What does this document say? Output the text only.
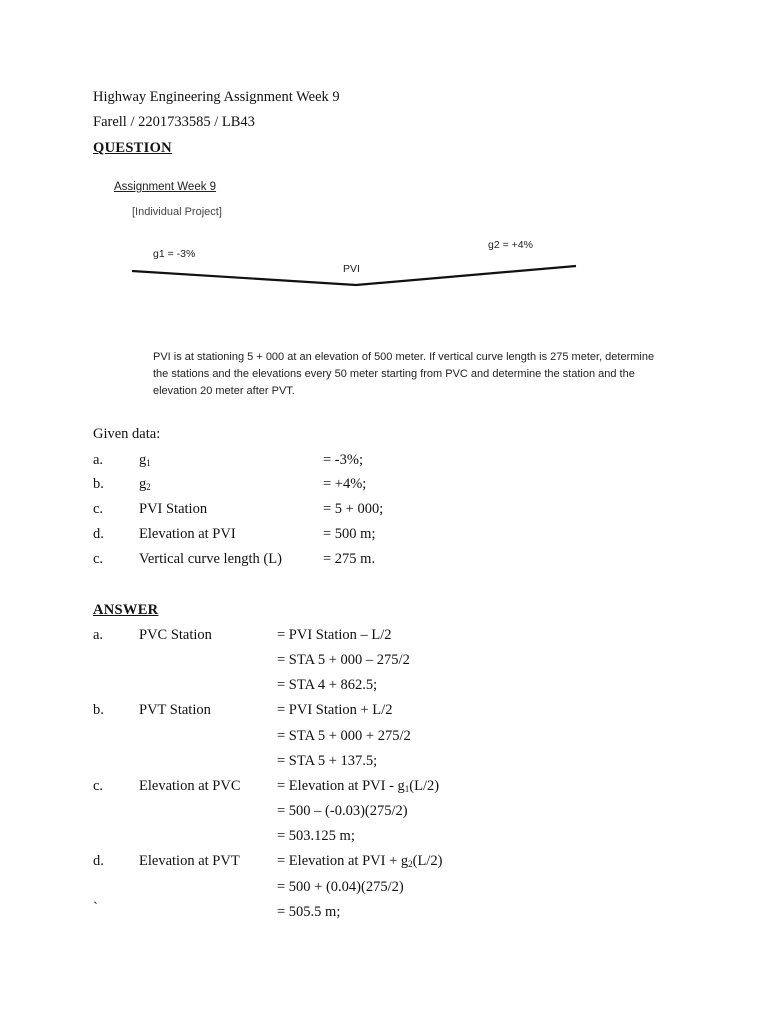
Highway Engineering Assignment Week 9
Farell / 2201733585 / LB43
QUESTION
Assignment Week 9
[Individual Project]
g1 = -3%
g2 = +4%
PVI
PVI is at stationing 5 + 000 at an elevation of 500 meter. If vertical curve length is 275 meter, determine the stations and the elevations every 50 meter starting from PVC and determine the station and the elevation 20 meter after PVT.
Given data:
a. $g_1$	= -3%;
b. $g_2$	= +4%;
c. PVI Station	= 5 + 000;
d. Elevation at PVI	= 500 m;
c. Vertical curve length (L)	= 275 m.
ANSWER
a. PVC Station	= PVI Station – L/2
= STA 5 + 000 – 275/2
= STA 4 + 862.5;
b. PVT Station	= PVI Station + L/2
= STA 5 + 000 + 275/2
= STA 5 + 137.5;
c. Elevation at PVC	= Elevation at PVI - $g_1(L/2)$
= 500 – (-0.03)(275/2)
= 503.125 m;
d. Elevation at PVT	= Elevation at PVI + $g_2(L/2)$
= 500 + (0.04)(275/2)
`	= 505.5 m;
